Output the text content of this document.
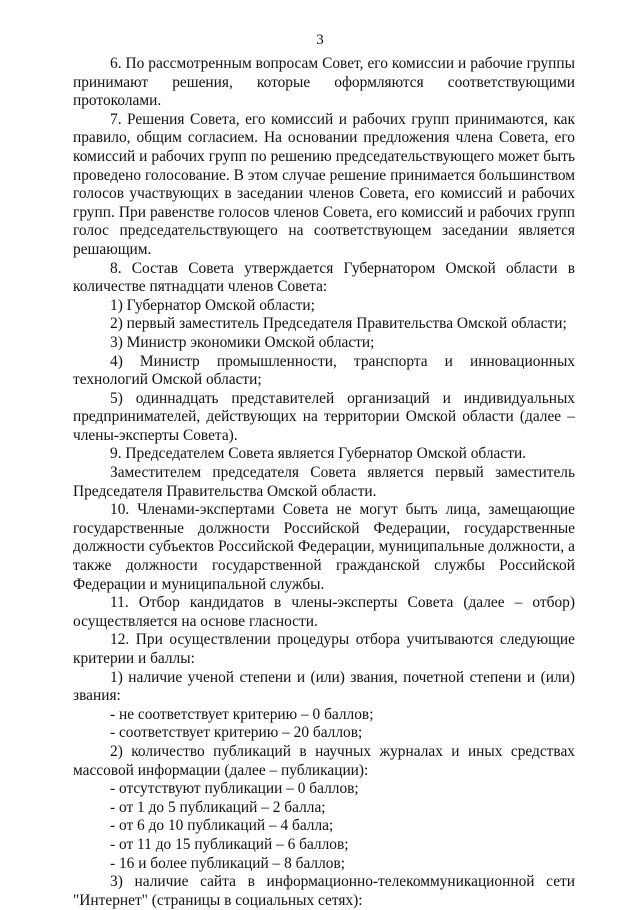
3

6. По рассмотренным вопросам Совет, его комиссии и рабочие группы принимают решения, которые оформляются соответствующими протоколами.

7. Решения Совета, его комиссий и рабочих групп принимаются, как правило, общим согласием. На основании предложения члена Совета, его комиссий и рабочих групп по решению председательствующего может быть проведено голосование. В этом случае решение принимается большинством голосов участвующих в заседании членов Совета, его комиссий и рабочих групп. При равенстве голосов членов Совета, его комиссий и рабочих групп голос председательствующего на соответствующем заседании является решающим.

8. Состав Совета утверждается Губернатором Омской области в количестве пятнадцати членов Совета:

1) Губернатор Омской области;

2) первый заместитель Председателя Правительства Омской области;

3) Министр экономики Омской области;

4) Министр промышленности, транспорта и инновационных технологий Омской области;

5) одиннадцать представителей организаций и индивидуальных предпринимателей, действующих на территории Омской области (далее – члены-эксперты Совета).

9. Председателем Совета является Губернатор Омской области.

Заместителем председателя Совета является первый заместитель Председателя Правительства Омской области.

10. Членами-экспертами Совета не могут быть лица, замещающие государственные должности Российской Федерации, государственные должности субъектов Российской Федерации, муниципальные должности, а также должности государственной гражданской службы Российской Федерации и муниципальной службы.

11. Отбор кандидатов в члены-эксперты Совета (далее – отбор) осуществляется на основе гласности.

12. При осуществлении процедуры отбора учитываются следующие критерии и баллы:

1) наличие ученой степени и (или) звания, почетной степени и (или) звания:

- не соответствует критерию – 0 баллов;

- соответствует критерию – 20 баллов;

2) количество публикаций в научных журналах и иных средствах массовой информации (далее – публикации):

- отсутствуют публикации – 0 баллов;

- от 1 до 5 публикаций – 2 балла;

- от 6 до 10 публикаций – 4 балла;

- от 11 до 15 публикаций – 6 баллов;

- 16 и более публикаций – 8 баллов;

3) наличие сайта в информационно-телекоммуникационной сети "Интернет" (страницы в социальных сетях):
